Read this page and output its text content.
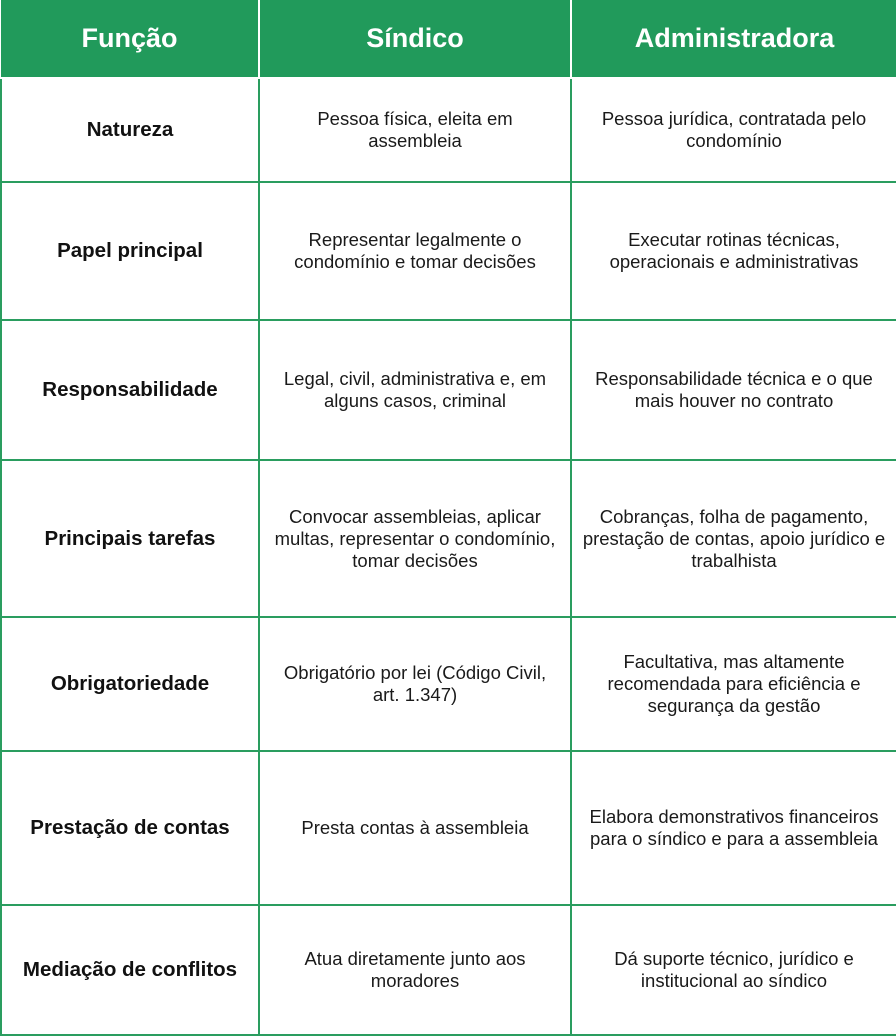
Função	Síndico	Administradora
Natureza	Pessoa física, eleita em assembleia	Pessoa jurídica, contratada pelo condomínio
Papel principal	Representar legalmente o condomínio e tomar decisões	Executar rotinas técnicas, operacionais e administrativas
Responsabilidade	Legal, civil, administrativa e, em alguns casos, criminal	Responsabilidade técnica e o que mais houver no contrato
Principais tarefas	Convocar assembleias, aplicar multas, representar o condomínio, tomar decisões	Cobranças, folha de pagamento, prestação de contas, apoio jurídico e trabalhista
Obrigatoriedade	Obrigatório por lei (Código Civil, art. 1.347)	Facultativa, mas altamente recomendada para eficiência e segurança da gestão
Prestação de contas	Presta contas à assembleia	Elabora demonstrativos financeiros para o síndico e para a assembleia
Mediação de conflitos	Atua diretamente junto aos moradores	Dá suporte técnico, jurídico e institucional ao síndico
